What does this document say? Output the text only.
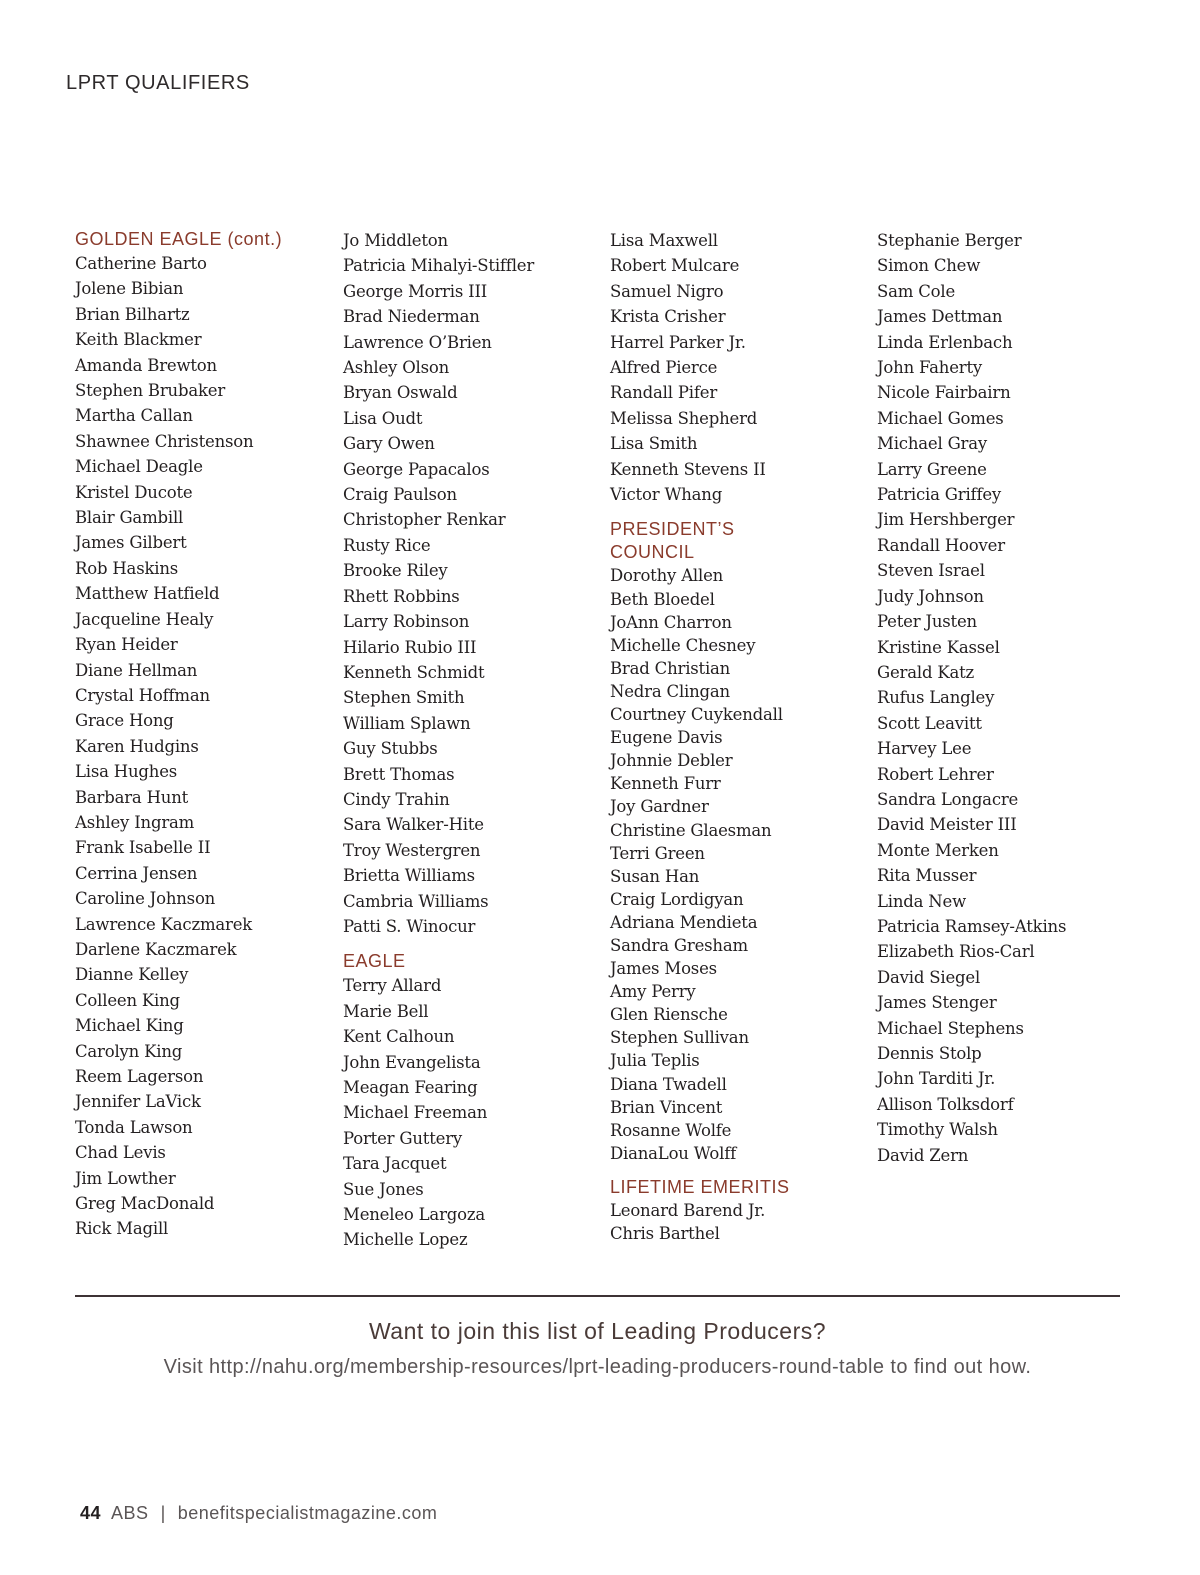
LPRT QUALIFIERS
GOLDEN EAGLE (cont.)
Catherine Barto
Jolene Bibian
Brian Bilhartz
Keith Blackmer
Amanda Brewton
Stephen Brubaker
Martha Callan
Shawnee Christenson
Michael Deagle
Kristel Ducote
Blair Gambill
James Gilbert
Rob Haskins
Matthew Hatfield
Jacqueline Healy
Ryan Heider
Diane Hellman
Crystal Hoffman
Grace Hong
Karen Hudgins
Lisa Hughes
Barbara Hunt
Ashley Ingram
Frank Isabelle II
Cerrina Jensen
Caroline Johnson
Lawrence Kaczmarek
Darlene Kaczmarek
Dianne Kelley
Colleen King
Michael King
Carolyn King
Reem Lagerson
Jennifer LaVick
Tonda Lawson
Chad Levis
Jim Lowther
Greg MacDonald
Rick Magill
Jo Middleton
Patricia Mihalyi-Stiffler
George Morris III
Brad Niederman
Lawrence O’Brien
Ashley Olson
Bryan Oswald
Lisa Oudt
Gary Owen
George Papacalos
Craig Paulson
Christopher Renkar
Rusty Rice
Brooke Riley
Rhett Robbins
Larry Robinson
Hilario Rubio III
Kenneth Schmidt
Stephen Smith
William Splawn
Guy Stubbs
Brett Thomas
Cindy Trahin
Sara Walker-Hite
Troy Westergren
Brietta Williams
Cambria Williams
Patti S. Winocur
EAGLE
Terry Allard
Marie Bell
Kent Calhoun
John Evangelista
Meagan Fearing
Michael Freeman
Porter Guttery
Tara Jacquet
Sue Jones
Meneleo Largoza
Michelle Lopez
Lisa Maxwell
Robert Mulcare
Samuel Nigro
Krista Crisher
Harrel Parker Jr.
Alfred Pierce
Randall Pifer
Melissa Shepherd
Lisa Smith
Kenneth Stevens II
Victor Whang
PRESIDENT’S
COUNCIL
Dorothy Allen
Beth Bloedel
JoAnn Charron
Michelle Chesney
Brad Christian
Nedra Clingan
Courtney Cuykendall
Eugene Davis
Johnnie Debler
Kenneth Furr
Joy Gardner
Christine Glaesman
Terri Green
Susan Han
Craig Lordigyan
Adriana Mendieta
Sandra Gresham
James Moses
Amy Perry
Glen Riensche
Stephen Sullivan
Julia Teplis
Diana Twadell
Brian Vincent
Rosanne Wolfe
DianaLou Wolff
LIFETIME EMERITIS
Leonard Barend Jr.
Chris Barthel
Stephanie Berger
Simon Chew
Sam Cole
James Dettman
Linda Erlenbach
John Faherty
Nicole Fairbairn
Michael Gomes
Michael Gray
Larry Greene
Patricia Griffey
Jim Hershberger
Randall Hoover
Steven Israel
Judy Johnson
Peter Justen
Kristine Kassel
Gerald Katz
Rufus Langley
Scott Leavitt
Harvey Lee
Robert Lehrer
Sandra Longacre
David Meister III
Monte Merken
Rita Musser
Linda New
Patricia Ramsey-Atkins
Elizabeth Rios-Carl
David Siegel
James Stenger
Michael Stephens
Dennis Stolp
John Tarditi Jr.
Allison Tolksdorf
Timothy Walsh
David Zern
Want to join this list of Leading Producers?
Visit http://nahu.org/membership-resources/lprt-leading-producers-round-table to find out how.
44 ABS | benefitspecialistmagazine.com
